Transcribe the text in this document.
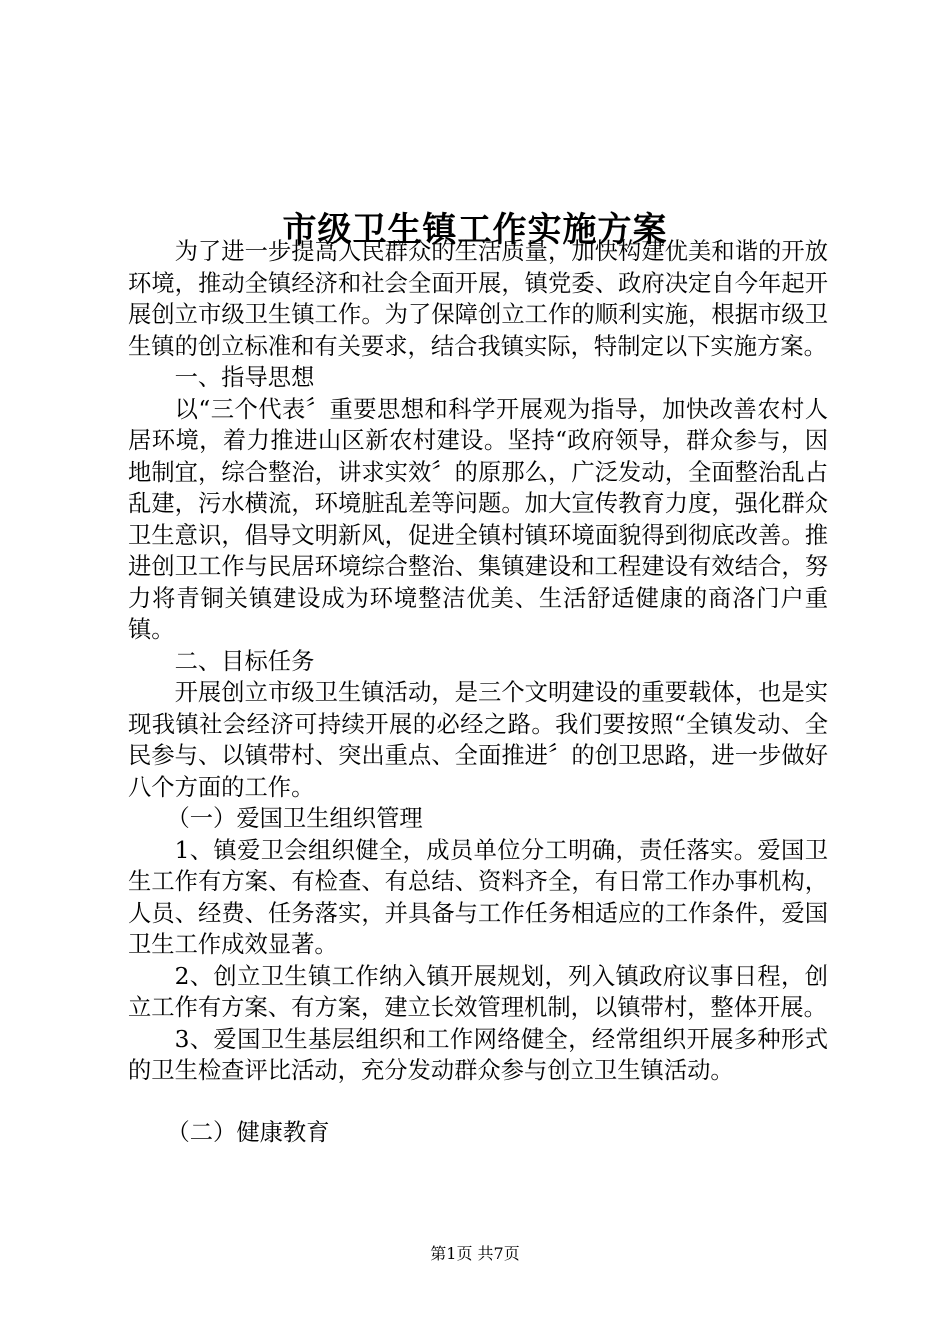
市级卫生镇工作实施方案

为了进一步提高人民群众的生活质量，加快构建优美和谐的开放环境，推动全镇经济和社会全面开展，镇党委、政府决定自今年起开展创立市级卫生镇工作。为了保障创立工作的顺利实施，根据市级卫生镇的创立标准和有关要求，结合我镇实际，特制定以下实施方案。

一、指导思想

以“三个代表〞重要思想和科学开展观为指导，加快改善农村人居环境，着力推进山区新农村建设。坚持“政府领导，群众参与，因地制宜，综合整治，讲求实效〞的原那么，广泛发动，全面整治乱占乱建，污水横流，环境脏乱差等问题。加大宣传教育力度，强化群众卫生意识，倡导文明新风，促进全镇村镇环境面貌得到彻底改善。推进创卫工作与民居环境综合整治、集镇建设和工程建设有效结合，努力将青铜关镇建设成为环境整洁优美、生活舒适健康的商洛门户重镇。

二、目标任务

开展创立市级卫生镇活动，是三个文明建设的重要载体，也是实现我镇社会经济可持续开展的必经之路。我们要按照“全镇发动、全民参与、以镇带村、突出重点、全面推进〞的创卫思路，进一步做好八个方面的工作。

（一）爱国卫生组织管理

1、镇爱卫会组织健全，成员单位分工明确，责任落实。爱国卫生工作有方案、有检查、有总结、资料齐全，有日常工作办事机构，人员、经费、任务落实，并具备与工作任务相适应的工作条件，爱国卫生工作成效显著。

2、创立卫生镇工作纳入镇开展规划，列入镇政府议事日程，创立工作有方案、有方案，建立长效管理机制，以镇带村，整体开展。

3、爱国卫生基层组织和工作网络健全，经常组织开展多种形式的卫生检查评比活动，充分发动群众参与创立卫生镇活动。

（二）健康教育

第1页 共7页
